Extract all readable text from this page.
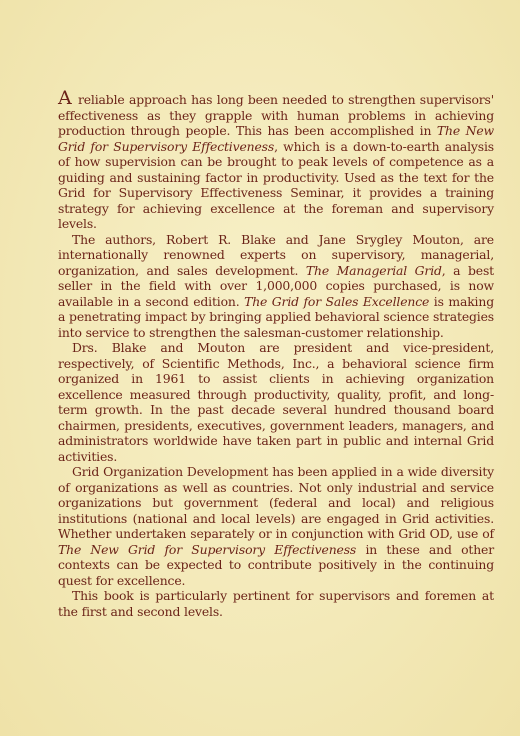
A reliable approach has long been needed to strengthen supervisors' effectiveness as they grapple with human problems in achieving production through people. This has been accomplished in The New Grid for Supervisory Effectiveness, which is a down-to-earth analysis of how supervision can be brought to peak levels of competence as a guiding and sustaining factor in productivity. Used as the text for the Grid for Supervisory Effectiveness Seminar, it provides a training strategy for achieving excellence at the foreman and supervisory levels.

The authors, Robert R. Blake and Jane Srygley Mouton, are internationally renowned experts on supervisory, managerial, organization, and sales development. The Managerial Grid, a best seller in the field with over 1,000,000 copies purchased, is now available in a second edition. The Grid for Sales Excellence is making a penetrating impact by bringing applied behavioral science strategies into service to strengthen the salesman-customer relationship.

Drs. Blake and Mouton are president and vice-president, respectively, of Scientific Methods, Inc., a behavioral science firm organized in 1961 to assist clients in achieving organization excellence measured through productivity, quality, profit, and long-term growth. In the past decade several hundred thousand board chairmen, presidents, executives, government leaders, managers, and administrators worldwide have taken part in public and internal Grid activities.

Grid Organization Development has been applied in a wide diversity of organizations as well as countries. Not only industrial and service organizations but government (federal and local) and religious institutions (national and local levels) are engaged in Grid activities. Whether undertaken separately or in conjunction with Grid OD, use of The New Grid for Supervisory Effectiveness in these and other contexts can be expected to contribute positively in the continuing quest for excellence.

This book is particularly pertinent for supervisors and foremen at the first and second levels.
